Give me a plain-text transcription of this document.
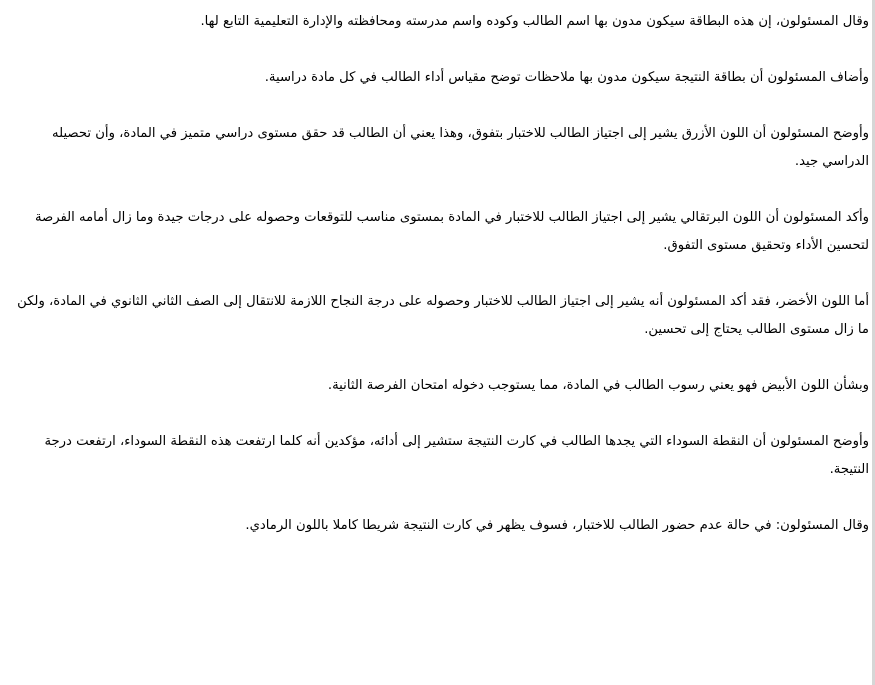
وقال المسئولون، إن هذه البطاقة سيكون مدون بها اسم الطالب وكوده واسم مدرسته ومحافظته والإدارة التعليمية التابع لها.

وأضاف المسئولون أن بطاقة النتيجة سيكون مدون بها ملاحظات توضح مقياس أداء الطالب في كل مادة دراسية.

وأوضح المسئولون أن اللون الأزرق يشير إلى اجتياز الطالب للاختبار بتفوق، وهذا يعني أن الطالب قد حقق مستوى دراسي متميز في المادة، وأن تحصيله الدراسي جيد.

وأكد المسئولون أن اللون البرتقالي يشير إلى اجتياز الطالب للاختبار في المادة بمستوى مناسب للتوقعات وحصوله على درجات جيدة وما زال أمامه الفرصة لتحسين الأداء وتحقيق مستوى التفوق.

أما اللون الأخضر، فقد أكد المسئولون أنه يشير إلى اجتياز الطالب للاختبار وحصوله على درجة النجاح اللازمة للانتقال إلى الصف الثاني الثانوي في المادة، ولكن ما زال مستوى الطالب يحتاج إلى تحسين.

وبشأن اللون الأبيض فهو يعني رسوب الطالب في المادة، مما يستوجب دخوله امتحان الفرصة الثانية.

وأوضح المسئولون أن النقطة السوداء التي يجدها الطالب في كارت النتيجة ستشير إلى أدائه، مؤكدين أنه كلما ارتفعت هذه النقطة السوداء، ارتفعت درجة النتيجة.

وقال المسئولون: في حالة عدم حضور الطالب للاختبار، فسوف يظهر في كارت النتيجة شريطا كاملا باللون الرمادي.
